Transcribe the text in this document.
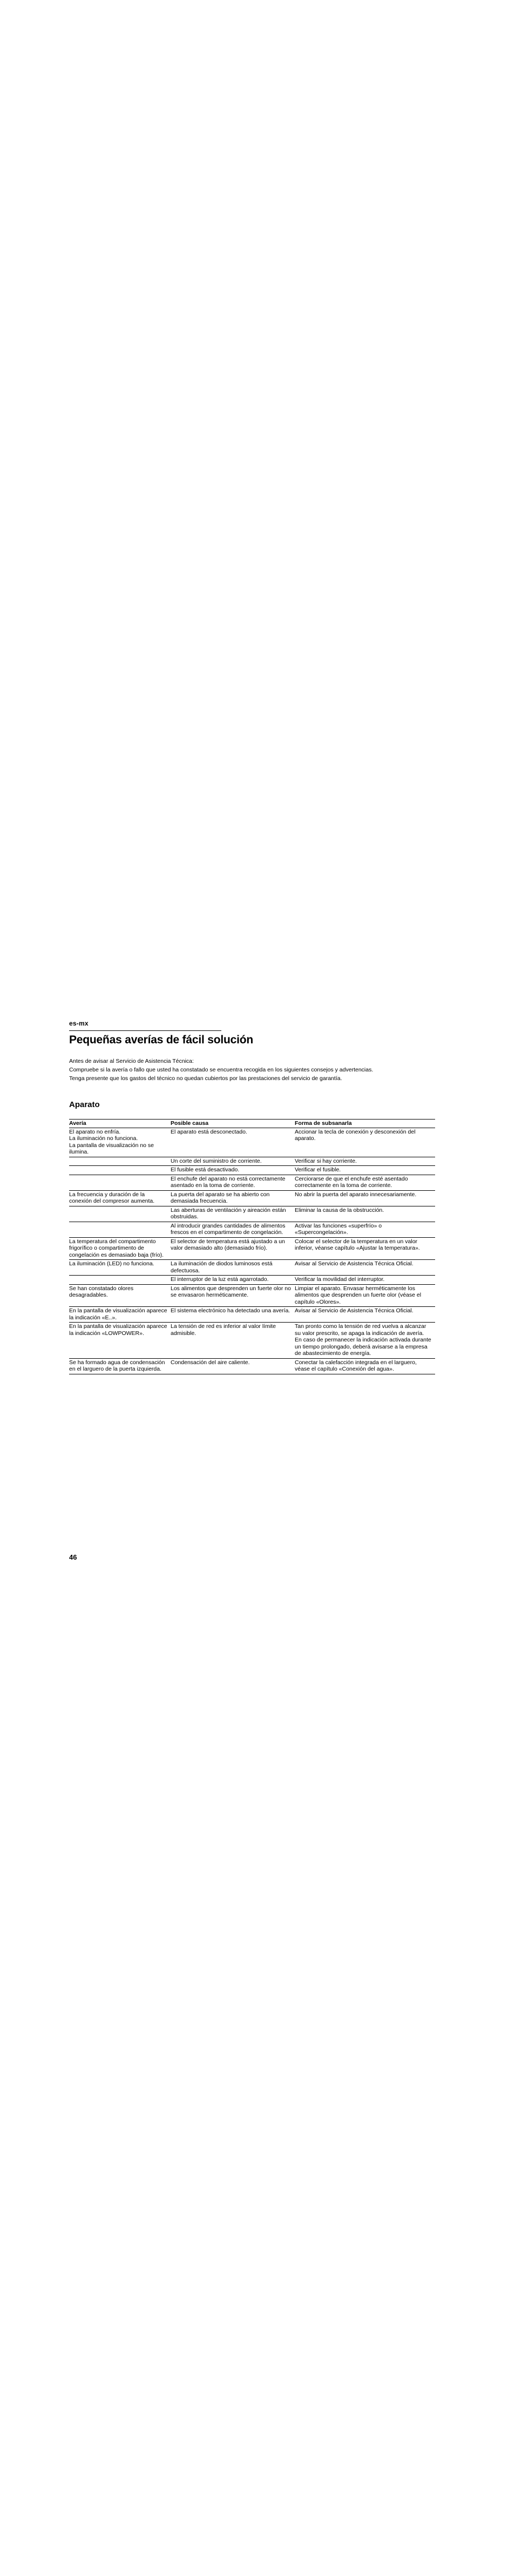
es-mx
Pequeñas averías de fácil solución

Antes de avisar al Servicio de Asistencia Técnica:

Compruebe si la avería o fallo que usted ha constatado se encuentra recogida en los siguientes consejos y advertencias.

Tenga presente que los gastos del técnico no quedan cubiertos por las prestaciones del servicio de garantía.

Aparato
Avería	Posible causa	Forma de subsanarla
El aparato no enfría.
La iluminación no funciona.
La pantalla de visualización no se ilumina.	El aparato está desconectado.	Accionar la tecla de conexión y desconexión del aparato.
	Un corte del suministro de corriente.	Verificar si hay corriente.
	El fusible está desactivado.	Verificar el fusible.
	El enchufe del aparato no está correctamente asentado en la toma de corriente.	Cerciorarse de que el enchufe esté asentado correctamente en la toma de corriente.
La frecuencia y duración de la conexión del compresor aumenta.	La puerta del aparato se ha abierto con demasiada frecuencia.	No abrir la puerta del aparato innecesariamente.
	Las aberturas de ventilación y aireación están obstruidas.	Eliminar la causa de la obstrucción.
	Al introducir grandes cantidades de alimentos frescos en el compartimento de congelación.	Activar las funciones «superfrío» o «Supercongelación».
La temperatura del compartimento frigorífico o compartimento de congelación es demasiado baja (frío).	El selector de temperatura está ajustado a un valor demasiado alto (demasiado frío).	Colocar el selector de la temperatura en un valor inferior, véanse capítulo «Ajustar la temperatura».
La iluminación (LED) no funciona.	La iluminación de diodos luminosos está defectuosa.	Avisar al Servicio de Asistencia Técnica Oficial.
	El interruptor de la luz está agarrotado.	Verificar la movilidad del interruptor.
Se han constatado olores desagradables.	Los alimentos que desprenden un fuerte olor no se envasaron herméticamente.	Limpiar el aparato. Envasar herméticamente los alimentos que desprenden un fuerte olor (véase el capítulo «Olores».
En la pantalla de visualización aparece la indicación «E..».	El sistema electrónico ha detectado una avería.	Avisar al Servicio de Asistencia Técnica Oficial.
En la pantalla de visualización aparece la indicación «LOWPOWER».	La tensión de red es inferior al valor límite admisible.	Tan pronto como la tensión de red vuelva a alcanzar su valor prescrito, se apaga la indicación de avería. En caso de permanecer la indicación activada durante un tiempo prolongado, deberá avisarse a la empresa de abastecimiento de energía.
Se ha formado agua de condensación en el larguero de la puerta izquierda.	Condensación del aire caliente.	Conectar la calefacción integrada en el larguero, véase el capítulo «Conexión del agua».
46
